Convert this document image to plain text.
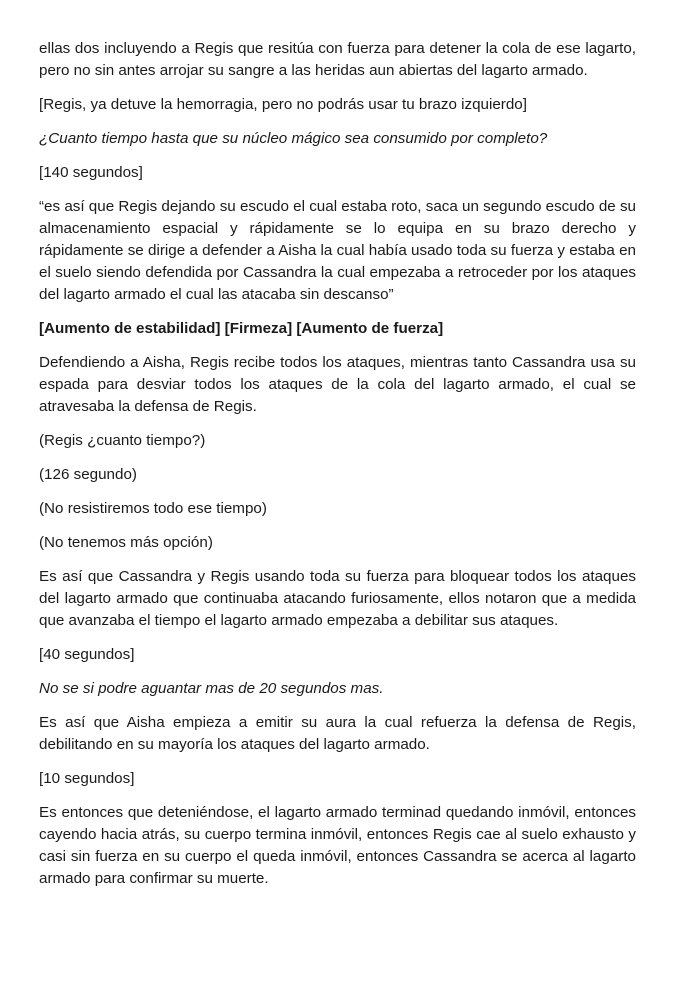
ellas dos incluyendo a Regis que resitúa con fuerza para detener la cola de ese lagarto, pero no sin antes arrojar su sangre a las heridas aun abiertas del lagarto armado.

[Regis, ya detuve la hemorragia, pero no podrás usar tu brazo izquierdo]

¿Cuanto tiempo hasta que su núcleo mágico sea consumido por completo?

[140 segundos]

“es así que Regis dejando su escudo el cual estaba roto, saca un segundo escudo de su almacenamiento espacial y rápidamente se lo equipa en su brazo derecho y rápidamente se dirige a defender a Aisha la cual había usado toda su fuerza y estaba en el suelo siendo defendida por Cassandra la cual empezaba a retroceder por los ataques del lagarto armado el cual las atacaba sin descanso”

[Aumento de estabilidad] [Firmeza] [Aumento de fuerza]

Defendiendo a Aisha, Regis recibe todos los ataques, mientras tanto Cassandra usa su espada para desviar todos los ataques de la cola del lagarto armado, el cual se atravesaba la defensa de Regis.

(Regis ¿cuanto tiempo?)

(126 segundo)

(No resistiremos todo ese tiempo)

(No tenemos más opción)

Es así que Cassandra y Regis usando toda su fuerza para bloquear todos los ataques del lagarto armado que continuaba atacando furiosamente, ellos notaron que a medida que avanzaba el tiempo el lagarto armado empezaba a debilitar sus ataques.

[40 segundos]

No se si podre aguantar mas de 20 segundos mas.

Es así que Aisha empieza a emitir su aura la cual refuerza la defensa de Regis, debilitando en su mayoría los ataques del lagarto armado.

[10 segundos]

Es entonces que deteniéndose, el lagarto armado terminad quedando inmóvil, entonces cayendo hacia atrás, su cuerpo termina inmóvil, entonces Regis cae al suelo exhausto y casi sin fuerza en su cuerpo el queda inmóvil, entonces Cassandra se acerca al lagarto armado para confirmar su muerte.
